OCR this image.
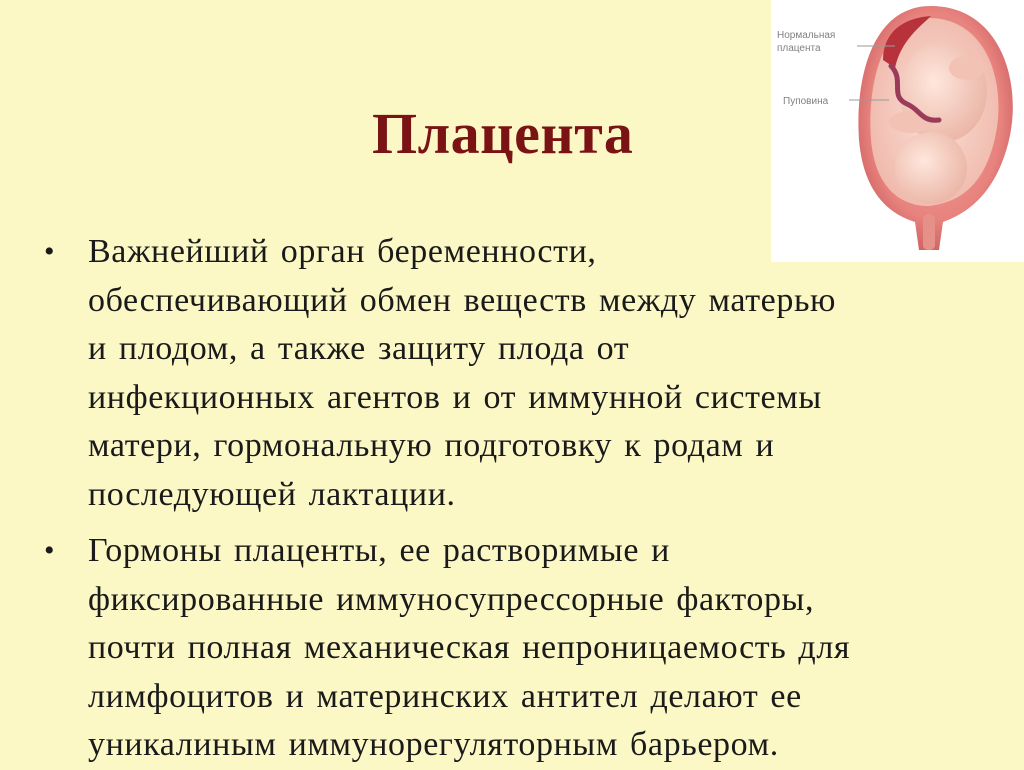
Плацента
Нормальная
плацента
Пуповина
• Важнейший орган беременности,
обеспечивающий обмен веществ между матерью
и плодом, а также защиту плода от
инфекционных агентов и от иммунной системы
матери, гормональную подготовку к родам и
последующей лактации.
• Гормоны плаценты, ее растворимые и
фиксированные иммуносупрессорные факторы,
почти полная механическая непроницаемость для
лимфоцитов и материнских антител делают ее
уникалиным иммунорегуляторным барьером.
